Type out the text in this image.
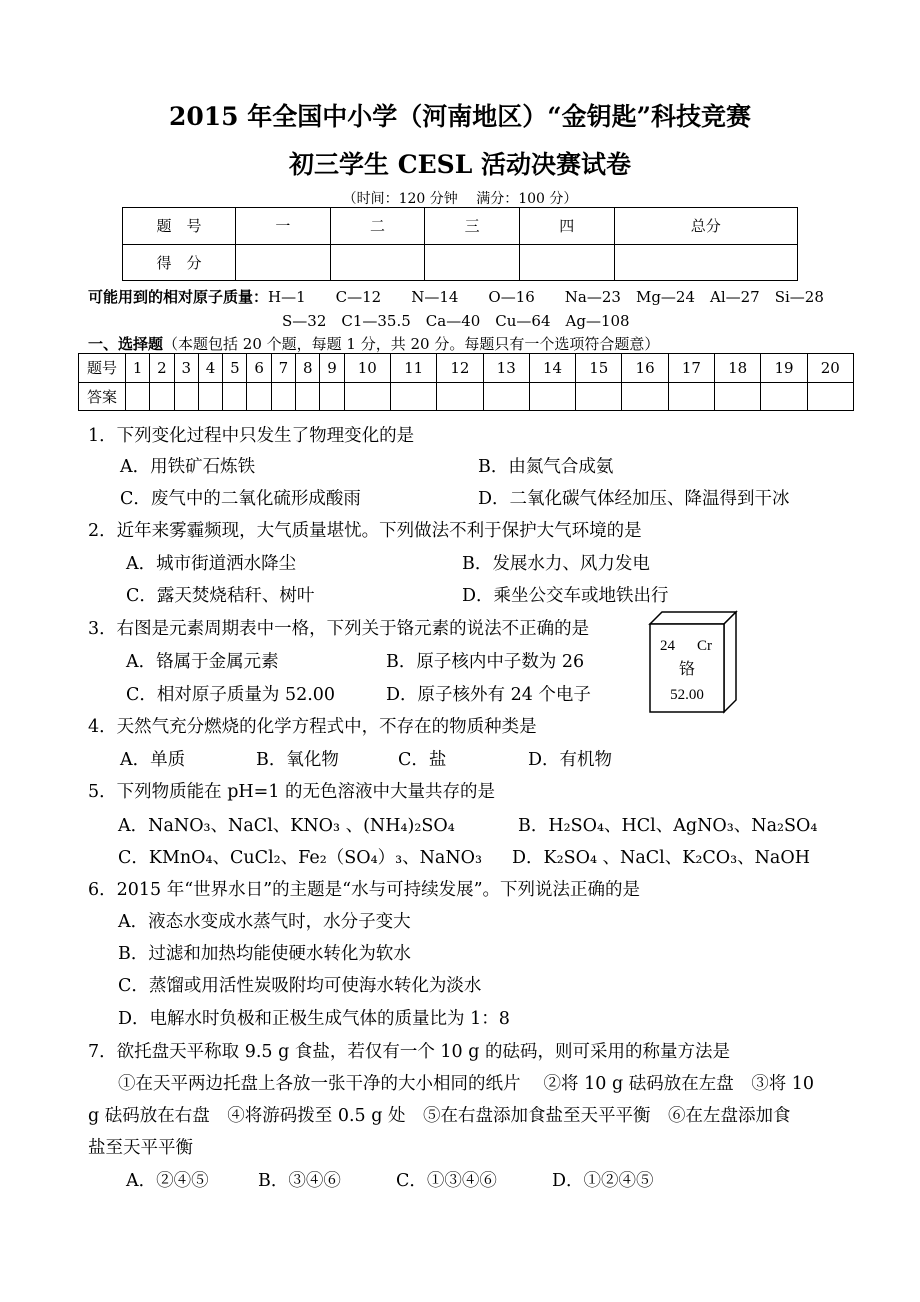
2015 年全国中小学（河南地区）“金钥匙”科技竞赛
初三学生 CESL 活动决赛试卷
（时间：120 分钟　 满分：100 分）
题　号	一	二	三	四	总分
得　分					
可能用到的相对原子质量：H—1　　C—12　　N—14　　O—16　　Na—23　Mg—24　Al—27　Si—28
S—32　C1—35.5　Ca—40　Cu—64　Ag—108
一、选择题（本题包括 20 个题，每题 1 分，共 20 分。每题只有一个选项符合题意）
题号	1	2	3	4	5	6	7	8	9	10	11	12	13	14	15	16	17	18	19	20
答案																				
1．下列变化过程中只发生了物理变化的是
A．用铁矿石炼铁	B．由氮气合成氨
C．废气中的二氧化硫形成酸雨	D．二氧化碳气体经加压、降温得到干冰
2．近年来雾霾频现，大气质量堪忧。下列做法不利于保护大气环境的是
A．城市街道洒水降尘	B．发展水力、风力发电
C．露天焚烧秸秆、树叶	D．乘坐公交车或地铁出行
3．右图是元素周期表中一格，下列关于铬元素的说法不正确的是
A．铬属于金属元素	B．原子核内中子数为 26
C．相对原子质量为 52.00	D．原子核外有 24 个电子
24 Cr
铬
52.00
4．天然气充分燃烧的化学方程式中，不存在的物质种类是
A．单质	B．氧化物	C．盐	D．有机物
5．下列物质能在 pH=1 的无色溶液中大量共存的是
A．NaNO₃、NaCl、KNO₃ 、(NH₄)₂SO₄	B．H₂SO₄、HCl、AgNO₃、Na₂SO₄
C．KMnO₄、CuCl₂、Fe₂（SO₄）₃、NaNO₃ D．K₂SO₄ 、NaCl、K₂CO₃、NaOH
6．2015 年“世界水日”的主题是“水与可持续发展”。下列说法正确的是
A．液态水变成水蒸气时，水分子变大
B．过滤和加热均能使硬水转化为软水
C．蒸馏或用活性炭吸附均可使海水转化为淡水
D．电解水时负极和正极生成气体的质量比为 1：8
7．欲托盘天平称取 9.5 g 食盐，若仅有一个 10 g 的砝码，则可采用的称量方法是
①在天平两边托盘上各放一张干净的大小相同的纸片　 ②将 10 g 砝码放在左盘　③将 10
g 砝码放在右盘　④将游码拨至 0.5 g 处　⑤在右盘添加食盐至天平平衡　⑥在左盘添加食
盐至天平平衡
A．②④⑤	B．③④⑥	C．①③④⑥	D．①②④⑤
